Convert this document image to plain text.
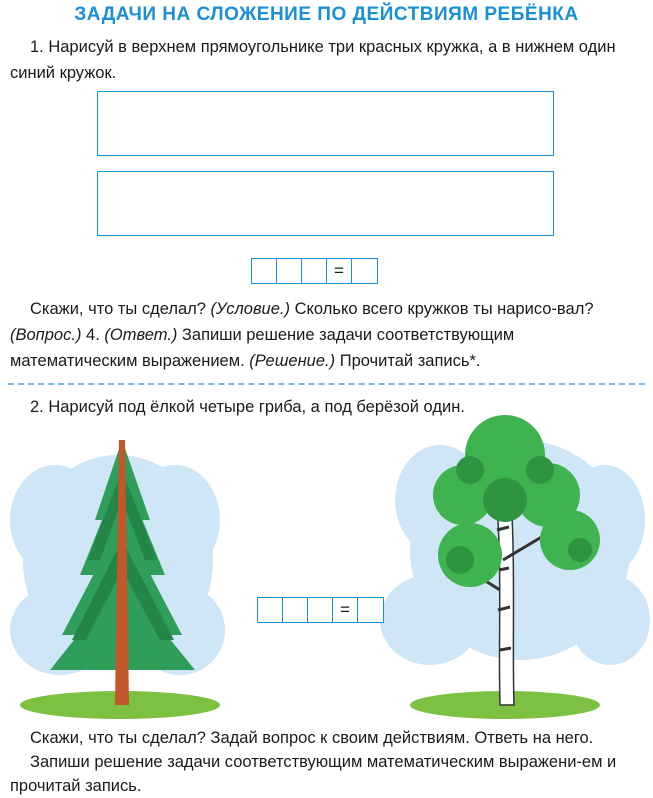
ЗАДАЧИ НА СЛОЖЕНИЕ ПО ДЕЙСТВИЯМ РЕБЁНКА
1. Нарисуй в верхнем прямоугольнике три красных кружка, а в нижнем один синий кружок.
=
Скажи, что ты сделал? (Условие.) Сколько всего кружков ты нарисо-вал? (Вопрос.) 4. (Ответ.) Запиши решение задачи соответствующим математическим выражением. (Решение.) Прочитай запись*.
2. Нарисуй под ёлкой четыре гриба, а под берёзой один.
=
Скажи, что ты сделал? Задай вопрос к своим действиям. Ответь на него.
Запиши решение задачи соответствующим математическим выражени-ем и прочитай запись.
